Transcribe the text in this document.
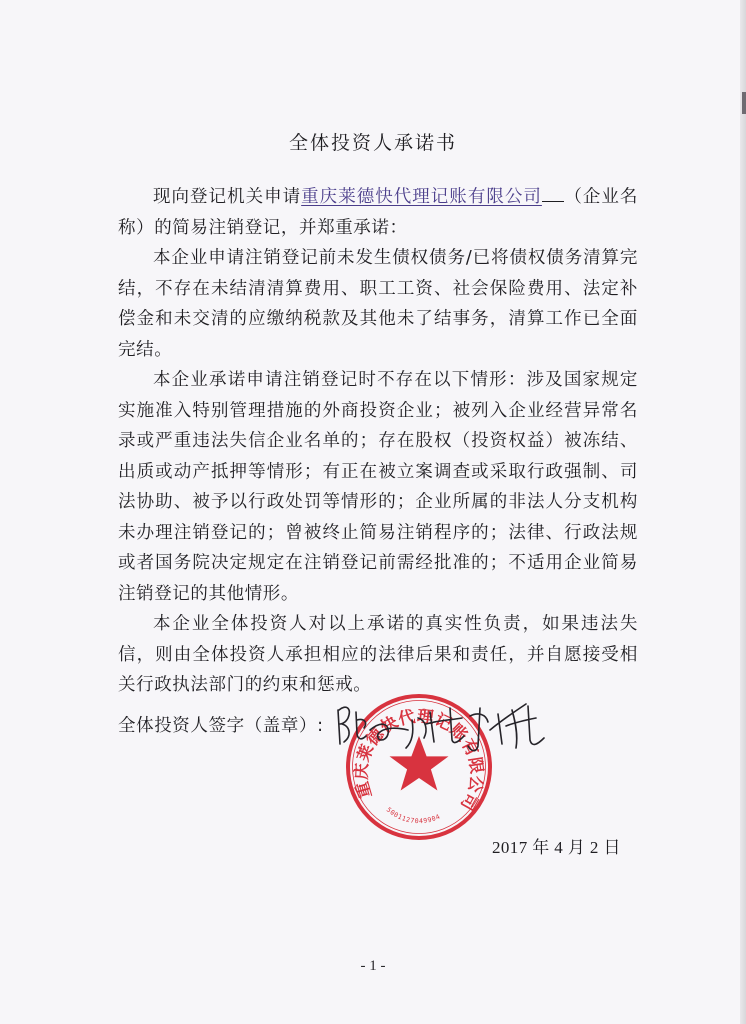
全体投资人承诺书

现向登记机关申请重庆莱德快代理记账有限公司 （企业名称）的简易注销登记，并郑重承诺：

本企业申请注销登记前未发生债权债务/已将债权债务清算完结，不存在未结清清算费用、职工工资、社会保险费用、法定补偿金和未交清的应缴纳税款及其他未了结事务，清算工作已全面完结。

本企业承诺申请注销登记时不存在以下情形：涉及国家规定实施准入特别管理措施的外商投资企业；被列入企业经营异常名录或严重违法失信企业名单的；存在股权（投资权益）被冻结、出质或动产抵押等情形；有正在被立案调查或采取行政强制、司法协助、被予以行政处罚等情形的；企业所属的非法人分支机构未办理注销登记的；曾被终止简易注销程序的；法律、行政法规或者国务院决定规定在注销登记前需经批准的；不适用企业简易注销登记的其他情形。

本企业全体投资人对以上承诺的真实性负责，如果违法失信，则由全体投资人承担相应的法律后果和责任，并自愿接受相关行政执法部门的约束和惩戒。

全体投资人签字（盖章）:
重庆莱德快代理记账有限公司
5001127049904
2017 年 4 月 2 日
- 1 -
